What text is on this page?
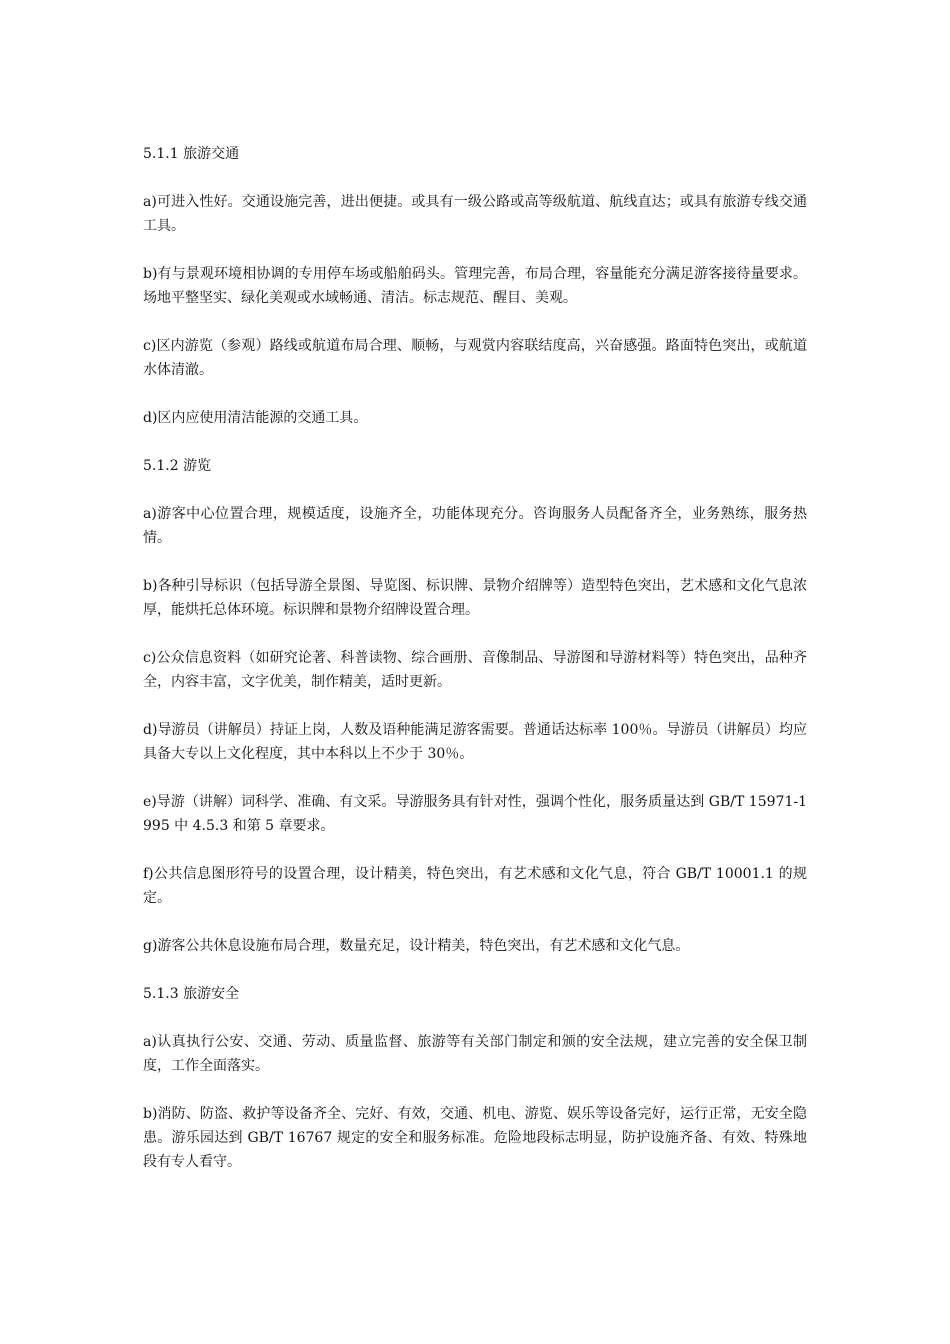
5.1.1 旅游交通

a)可进入性好。交通设施完善，进出便捷。或具有一级公路或高等级航道、航线直达；或具有旅游专线交通工具。

b)有与景观环境相协调的专用停车场或船舶码头。管理完善，布局合理，容量能充分满足游客接待量要求。场地平整坚实、绿化美观或水域畅通、清洁。标志规范、醒目、美观。

c)区内游览（参观）路线或航道布局合理、顺畅，与观赏内容联结度高，兴奋感强。路面特色突出，或航道水体清澈。

d)区内应使用清洁能源的交通工具。

5.1.2 游览

a)游客中心位置合理，规模适度，设施齐全，功能体现充分。咨询服务人员配备齐全，业务熟练，服务热情。

b)各种引导标识（包括导游全景图、导览图、标识牌、景物介绍牌等）造型特色突出，艺术感和文化气息浓厚，能烘托总体环境。标识牌和景物介绍牌设置合理。

c)公众信息资料（如研究论著、科普读物、综合画册、音像制品、导游图和导游材料等）特色突出，品种齐全，内容丰富，文字优美，制作精美，适时更新。

d)导游员（讲解员）持证上岗，人数及语种能满足游客需要。普通话达标率 100％。导游员（讲解员）均应具备大专以上文化程度，其中本科以上不少于 30％。

e)导游（讲解）词科学、准确、有文采。导游服务具有针对性，强调个性化，服务质量达到 GB/T 15971-1995 中 4.5.3 和第 5 章要求。

f)公共信息图形符号的设置合理，设计精美，特色突出，有艺术感和文化气息，符合 GB/T 10001.1 的规定。

g)游客公共休息设施布局合理，数量充足，设计精美，特色突出，有艺术感和文化气息。

5.1.3 旅游安全

a)认真执行公安、交通、劳动、质量监督、旅游等有关部门制定和颁的安全法规，建立完善的安全保卫制度，工作全面落实。

b)消防、防盗、救护等设备齐全、完好、有效，交通、机电、游览、娱乐等设备完好，运行正常，无安全隐患。游乐园达到 GB/T 16767 规定的安全和服务标准。危险地段标志明显，防护设施齐备、有效、特殊地段有专人看守。
